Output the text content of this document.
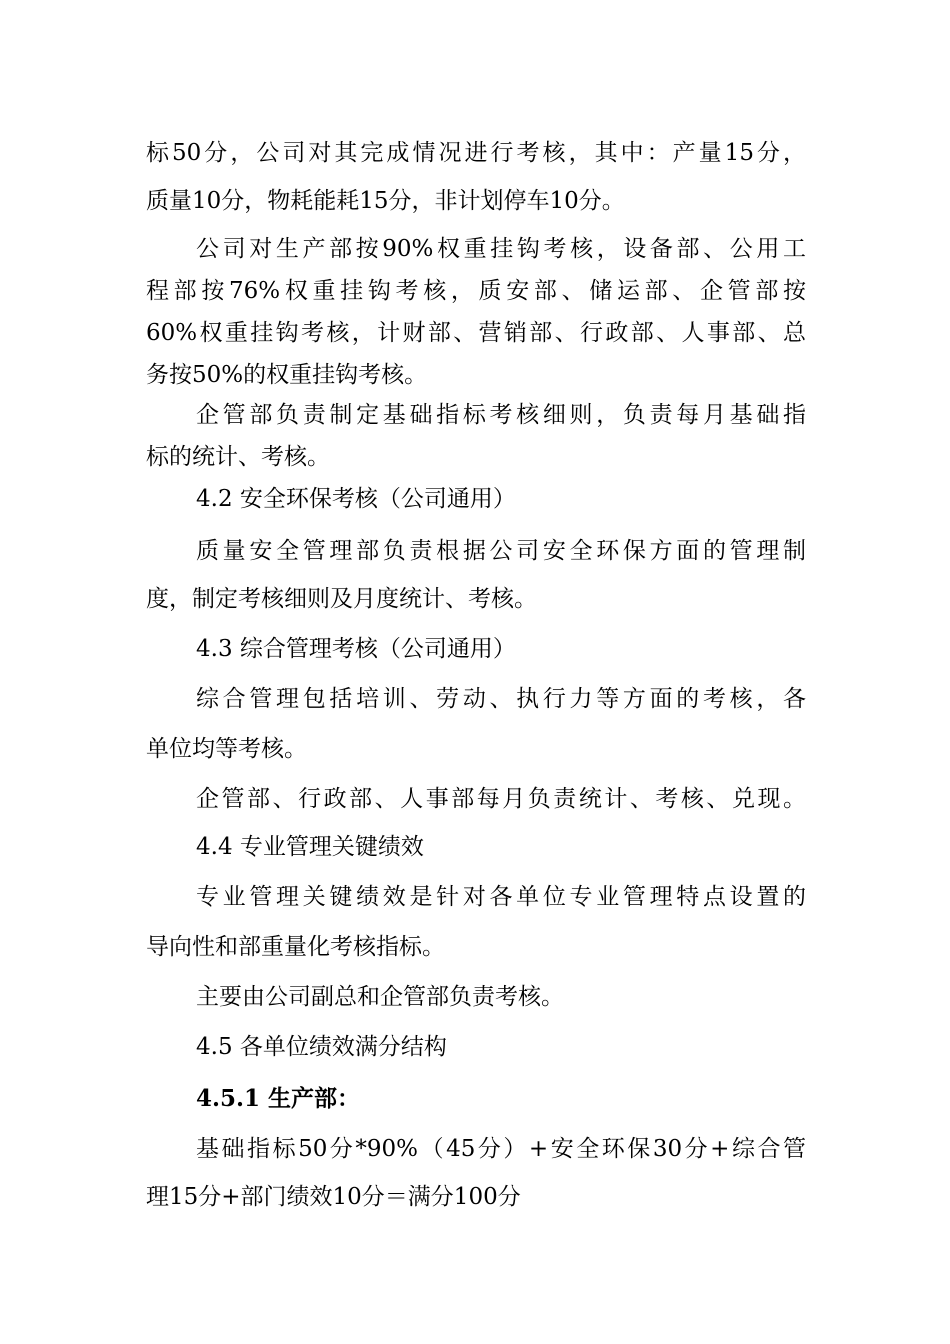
标50分，公司对其完成情况进行考核，其中：产量15分，
质量10分，物耗能耗15分，非计划停车10分。
公司对生产部按90%权重挂钩考核，设备部、公用工
程部按76%权重挂钩考核，质安部、储运部、企管部按
60%权重挂钩考核，计财部、营销部、行政部、人事部、总
务按50%的权重挂钩考核。
企管部负责制定基础指标考核细则，负责每月基础指
标的统计、考核。
4.2 安全环保考核（公司通用）
质量安全管理部负责根据公司安全环保方面的管理制
度，制定考核细则及月度统计、考核。
4.3 综合管理考核（公司通用）
综合管理包括培训、劳动、执行力等方面的考核，各
单位均等考核。
企管部、行政部、人事部每月负责统计、考核、兑现。
4.4 专业管理关键绩效
专业管理关键绩效是针对各单位专业管理特点设置的
导向性和部重量化考核指标。
主要由公司副总和企管部负责考核。
4.5 各单位绩效满分结构
4.5.1 生产部：
基础指标50分*90%（45分）+安全环保30分+综合管
理15分+部门绩效10分＝满分100分
